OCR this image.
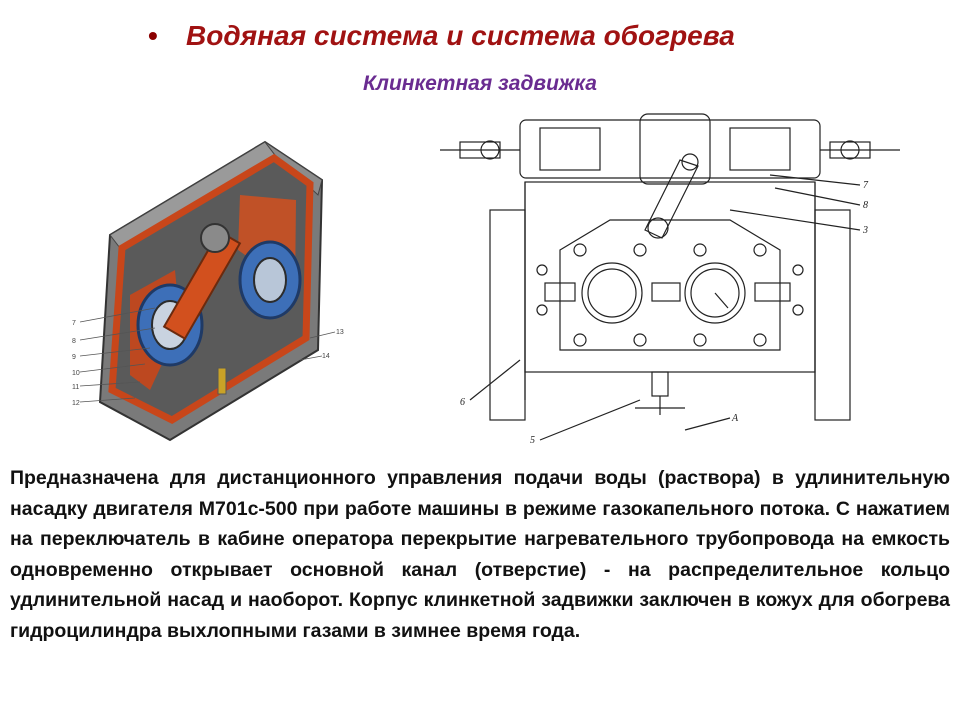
• Водяная система и система обогрева
Клинкетная задвижка
7
8
9
10
11
12
13
14
7
8
3
6
5
А

Предназначена для дистанционного управления подачи воды (раствора) в удлинительную насадку двигателя М701с-500 при работе машины в режиме газокапельного потока. С нажатием на переключатель в кабине оператора перекрытие нагревательного трубопровода на емкость одновременно открывает основной канал (отверстие) - на распределительное кольцо удлинительной насад и наоборот. Корпус клинкетной задвижки заключен в кожух для обогрева гидроцилиндра выхлопными газами в зимнее время года.
